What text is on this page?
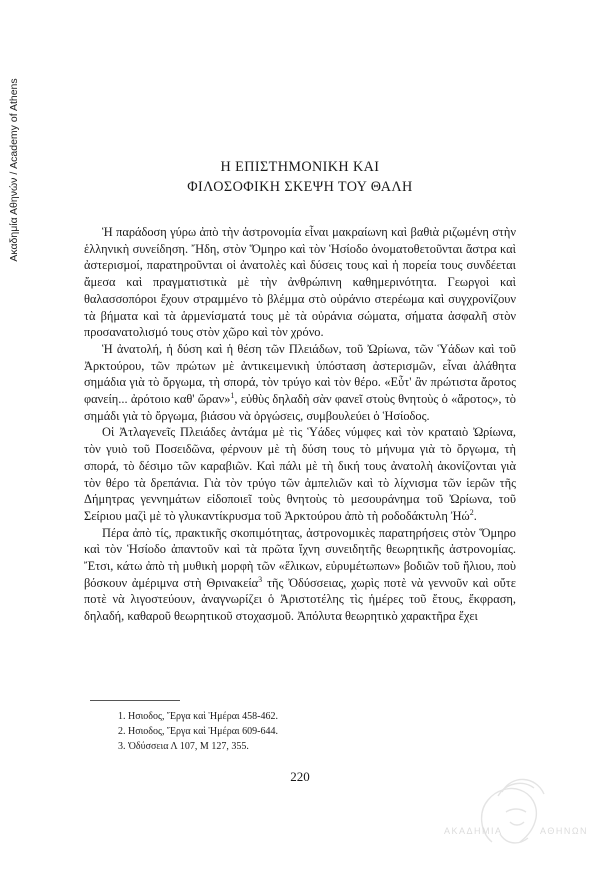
Ακαδημία Αθηνών / Academy of Athens	Η ΕΠΙΣΤΗΜΟΝΙΚΗ ΚΑΙ
ΦΙΛΟΣΟΦΙΚΗ ΣΚΕΨΗ ΤΟΥ ΘΑΛΗ

Ἡ παράδοση γύρω ἀπὸ τὴν ἀστρονομία εἶναι μακραίωνη καὶ βαθιὰ ριζωμένη στὴν ἑλληνικὴ συνείδηση. Ἤδη, στὸν Ὅμηρο καὶ τὸν Ἡσίοδο ὀνοματοθετοῦνται ἄστρα καὶ ἀστερισμοί, παρατηροῦνται οἱ ἀνατολὲς καὶ δύσεις τους καὶ ἡ πορεία τους συνδέεται ἄμεσα καὶ πραγματιστικὰ μὲ τὴν ἀνθρώπινη καθημερινότητα. Γεωργοὶ καὶ θαλασσοπόροι ἔχουν στραμμένο τὸ βλέμμα στὸ οὐράνιο στερέωμα καὶ συγχρονίζουν τὰ βήματα καὶ τὰ ἁρμενίσματά τους μὲ τὰ οὐράνια σώματα, σήματα ἀσφαλῆ στὸν προσανατολισμό τους στὸν χῶρο καὶ τὸν χρόνο.

Ἡ ἀνατολή, ἡ δύση καὶ ἡ θέση τῶν Πλειάδων, τοῦ Ὠρίωνα, τῶν Ὑάδων καὶ τοῦ Ἀρκτούρου, τῶν πρώτων μὲ ἀντικειμενικὴ ὑπόσταση ἀστερισμῶν, εἶναι ἀλάθητα σημάδια γιὰ τὸ ὄργωμα, τὴ σπορά, τὸν τρύγο καὶ τὸν θέρο. «Εὖτ' ἂν πρώτιστα ἄροτος φανείη... ἀρότοιο καθ' ὥραν»$^1$, εὐθὺς δηλαδὴ σὰν φανεῖ στοὺς θνητοὺς ὁ «ἄροτος», τὸ σημάδι γιὰ τὸ ὄργωμα, βιάσου νὰ ὀργώσεις, συμβουλεύει ὁ Ἡσίοδος.

Οἱ Ἀτλαγενεῖς Πλειάδες ἀντάμα μὲ τὶς Ὑάδες νύμφες καὶ τὸν κραταιὸ Ὠρίωνα, τὸν γυιὸ τοῦ Ποσειδῶνα, φέρνουν μὲ τὴ δύση τους τὸ μήνυμα γιὰ τὸ ὄργωμα, τὴ σπορά, τὸ δέσιμο τῶν καραβιῶν. Καὶ πάλι μὲ τὴ δική τους ἀνατολὴ ἀκονίζονται γιὰ τὸν θέρο τὰ δρεπάνια. Γιὰ τὸν τρύγο τῶν ἀμπελιῶν καὶ τὸ λίχνισμα τῶν ἱερῶν τῆς Δήμητρας γεννημάτων εἰδοποιεῖ τοὺς θνητοὺς τὸ μεσουράνημα τοῦ Ὠρίωνα, τοῦ Σείριου μαζὶ μὲ τὸ γλυκαντίκρυσμα τοῦ Ἀρκτούρου ἀπὸ τὴ ροδοδάκτυλη Ἠώ$^2$.

Πέρα ἀπὸ τίς, πρακτικῆς σκοπιμότητας, ἀστρονομικὲς παρατηρήσεις στὸν Ὅμηρο καὶ τὸν Ἡσίοδο ἀπαντοῦν καὶ τὰ πρῶτα ἴχνη συνειδητῆς θεωρητικῆς ἀστρονομίας. Ἔτσι, κάτω ἀπὸ τὴ μυθικὴ μορφὴ τῶν «ἕλικων, εὐρυμέτωπων» βοδιῶν τοῦ ἥλιου, ποὺ βόσκουν ἀμέριμνα στὴ Θρινακεία$^3$ τῆς Ὀδύσσειας, χωρὶς ποτὲ νὰ γεννοῦν καὶ οὔτε ποτὲ νὰ λιγοστεύουν, ἀναγνωρίζει ὁ Ἀριστοτέλης τὶς ἡμέρες τοῦ ἔτους, ἔκφραση, δηλαδή, καθαροῦ θεωρητικοῦ στοχασμοῦ. Ἀπόλυτα θεωρητικὸ χαρακτῆρα ἔχει

1. Ησιοδος, Ἔργα καὶ Ἡμέραι 458-462.
2. Ησιοδος, Ἔργα καὶ Ἡμέραι 609-644.
3. Ὀδύσσεια Λ 107, Μ 127, 355.
220
ΑΚΑΔΗΜΙΑ	ΑΘΗΝΩΝ
